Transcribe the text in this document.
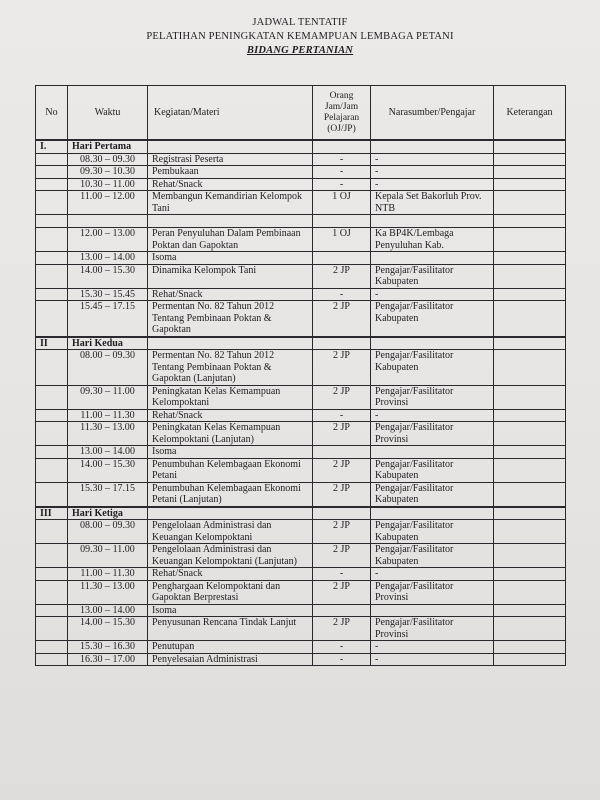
JADWAL TENTATIF
PELATIHAN PENINGKATAN KEMAMPUAN LEMBAGA PETANI
BIDANG PERTANIAN
No	Waktu	Kegiatan/Materi	Orang Jam/Jam Pelajaran (OJ/JP)	Narasumber/Pengajar	Keterangan
I.	Hari Pertama				
	08.30 – 09.30	Registrasi Peserta	-	-	
	09.30 – 10.30	Pembukaan	-	-	
	10.30 – 11.00	Rehat/Snack	-	-	
	11.00 – 12.00	Membangun Kemandirian Kelompok Tani	1 OJ	Kepala Set Bakorluh Prov. NTB	

	12.00 – 13.00	Peran Penyuluhan Dalam Pembinaan Poktan dan Gapoktan	1 OJ	Ka BP4K/Lembaga Penyuluhan Kab.	
	13.00 – 14.00	Isoma			
	14.00 – 15.30	Dinamika Kelompok Tani	2 JP	Pengajar/Fasilitator Kabupaten	
	15.30 – 15.45	Rehat/Snack	-	-	
	15.45 – 17.15	Permentan No. 82 Tahun 2012 Tentang Pembinaan Poktan & Gapoktan	2 JP	Pengajar/Fasilitator Kabupaten	
II	Hari Kedua				
	08.00 – 09.30	Permentan No. 82 Tahun 2012 Tentang Pembinaan Poktan & Gapoktan (Lanjutan)	2 JP	Pengajar/Fasilitator Kabupaten	
	09.30 – 11.00	Peningkatan Kelas Kemampuan Kelompoktani	2 JP	Pengajar/Fasilitator Provinsi	
	11.00 – 11.30	Rehat/Snack	-	-	
	11.30 – 13.00	Peningkatan Kelas Kemampuan Kelompoktani (Lanjutan)	2 JP	Pengajar/Fasilitator Provinsi	
	13.00 – 14.00	Isoma			
	14.00 – 15.30	Penumbuhan Kelembagaan Ekonomi Petani	2 JP	Pengajar/Fasilitator Kabupaten	
	15.30 – 17.15	Penumbuhan Kelembagaan Ekonomi Petani (Lanjutan)	2 JP	Pengajar/Fasilitator Kabupaten	
III	Hari Ketiga				
	08.00 – 09.30	Pengelolaan Administrasi dan Keuangan Kelompoktani	2 JP	Pengajar/Fasilitator Kabupaten	
	09.30 – 11.00	Pengelolaan Administrasi dan Keuangan Kelompoktani (Lanjutan)	2 JP	Pengajar/Fasilitator Kabupaten	
	11.00 – 11.30	Rehat/Snack	-	-	
	11.30 – 13.00	Penghargaan Kelompoktani dan Gapoktan Berprestasi	2 JP	Pengajar/Fasilitator Provinsi	
	13.00 – 14.00	Isoma			
	14.00 – 15.30	Penyusunan Rencana Tindak Lanjut	2 JP	Pengajar/Fasilitator Provinsi	
	15.30 – 16.30	Penutupan	-	-	
	16.30 – 17.00	Penyelesaian Administrasi	-	-	
